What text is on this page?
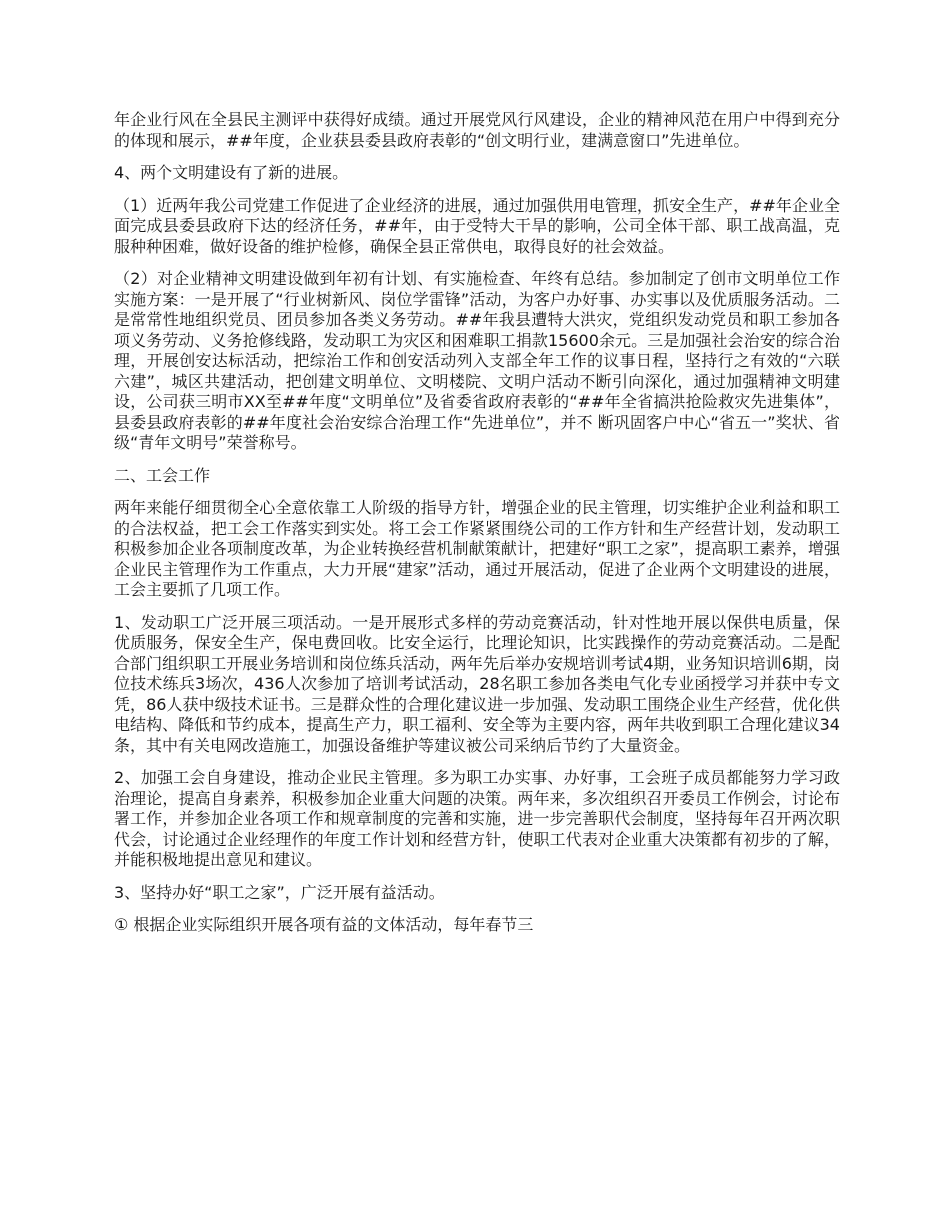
年企业行风在全县民主测评中获得好成绩。通过开展党风行风建设，企业的精神风范在用户中得到充分的体现和展示，##年度，企业获县委县政府表彰的“创文明行业，建满意窗口”先进单位。

4、两个文明建设有了新的进展。

（1）近两年我公司党建工作促进了企业经济的进展，通过加强供用电管理，抓安全生产，##年企业全面完成县委县政府下达的经济任务，##年，由于受特大干旱的影响，公司全体干部、职工战高温，克服种种困难，做好设备的维护检修，确保全县正常供电，取得良好的社会效益。

（2）对企业精神文明建设做到年初有计划、有实施检查、年终有总结。参加制定了创市文明单位工作实施方案：一是开展了“行业树新风、岗位学雷锋”活动，为客户办好事、办实事以及优质服务活动。二是常常性地组织党员、团员参加各类义务劳动。##年我县遭特大洪灾，党组织发动党员和职工参加各项义务劳动、义务抢修线路，发动职工为灾区和困难职工捐款15600余元。三是加强社会治安的综合治理，开展创安达标活动，把综治工作和创安活动列入支部全年工作的议事日程，坚持行之有效的“六联六建”，城区共建活动，把创建文明单位、文明楼院、文明户活动不断引向深化，通过加强精神文明建设，公司获三明市XX至##年度“文明单位”及省委省政府表彰的“##年全省搞洪抢险救灾先进集体”，县委县政府表彰的##年度社会治安综合治理工作“先进单位”，并不 断巩固客户中心“省五一”奖状、省级“青年文明号”荣誉称号。

二、工会工作

两年来能仔细贯彻全心全意依靠工人阶级的指导方针，增强企业的民主管理，切实维护企业利益和职工的合法权益，把工会工作落实到实处。将工会工作紧紧围绕公司的工作方针和生产经营计划，发动职工积极参加企业各项制度改革，为企业转换经营机制献策献计，把建好“职工之家”，提高职工素养，增强企业民主管理作为工作重点，大力开展“建家”活动，通过开展活动，促进了企业两个文明建设的进展，工会主要抓了几项工作。

1、发动职工广泛开展三项活动。一是开展形式多样的劳动竞赛活动，针对性地开展以保供电质量，保优质服务，保安全生产，保电费回收。比安全运行，比理论知识，比实践操作的劳动竞赛活动。二是配合部门组织职工开展业务培训和岗位练兵活动，两年先后举办安规培训考试4期，业务知识培训6期，岗位技术练兵3场次，436人次参加了培训考试活动，28名职工参加各类电气化专业函授学习并获中专文凭，86人获中级技术证书。三是群众性的合理化建议进一步加强、发动职工围绕企业生产经营，优化供电结构、降低和节约成本，提高生产力，职工福利、安全等为主要内容，两年共收到职工合理化建议34条，其中有关电网改造施工，加强设备维护等建议被公司采纳后节约了大量资金。

2、加强工会自身建设，推动企业民主管理。多为职工办实事、办好事，工会班子成员都能努力学习政治理论，提高自身素养，积极参加企业重大问题的决策。两年来，多次组织召开委员工作例会，讨论布署工作，并参加企业各项工作和规章制度的完善和实施，进一步完善职代会制度，坚持每年召开两次职代会，讨论通过企业经理作的年度工作计划和经营方针，使职工代表对企业重大决策都有初步的了解，并能积极地提出意见和建议。

3、坚持办好“职工之家”，广泛开展有益活动。

① 根据企业实际组织开展各项有益的文体活动，每年春节三
